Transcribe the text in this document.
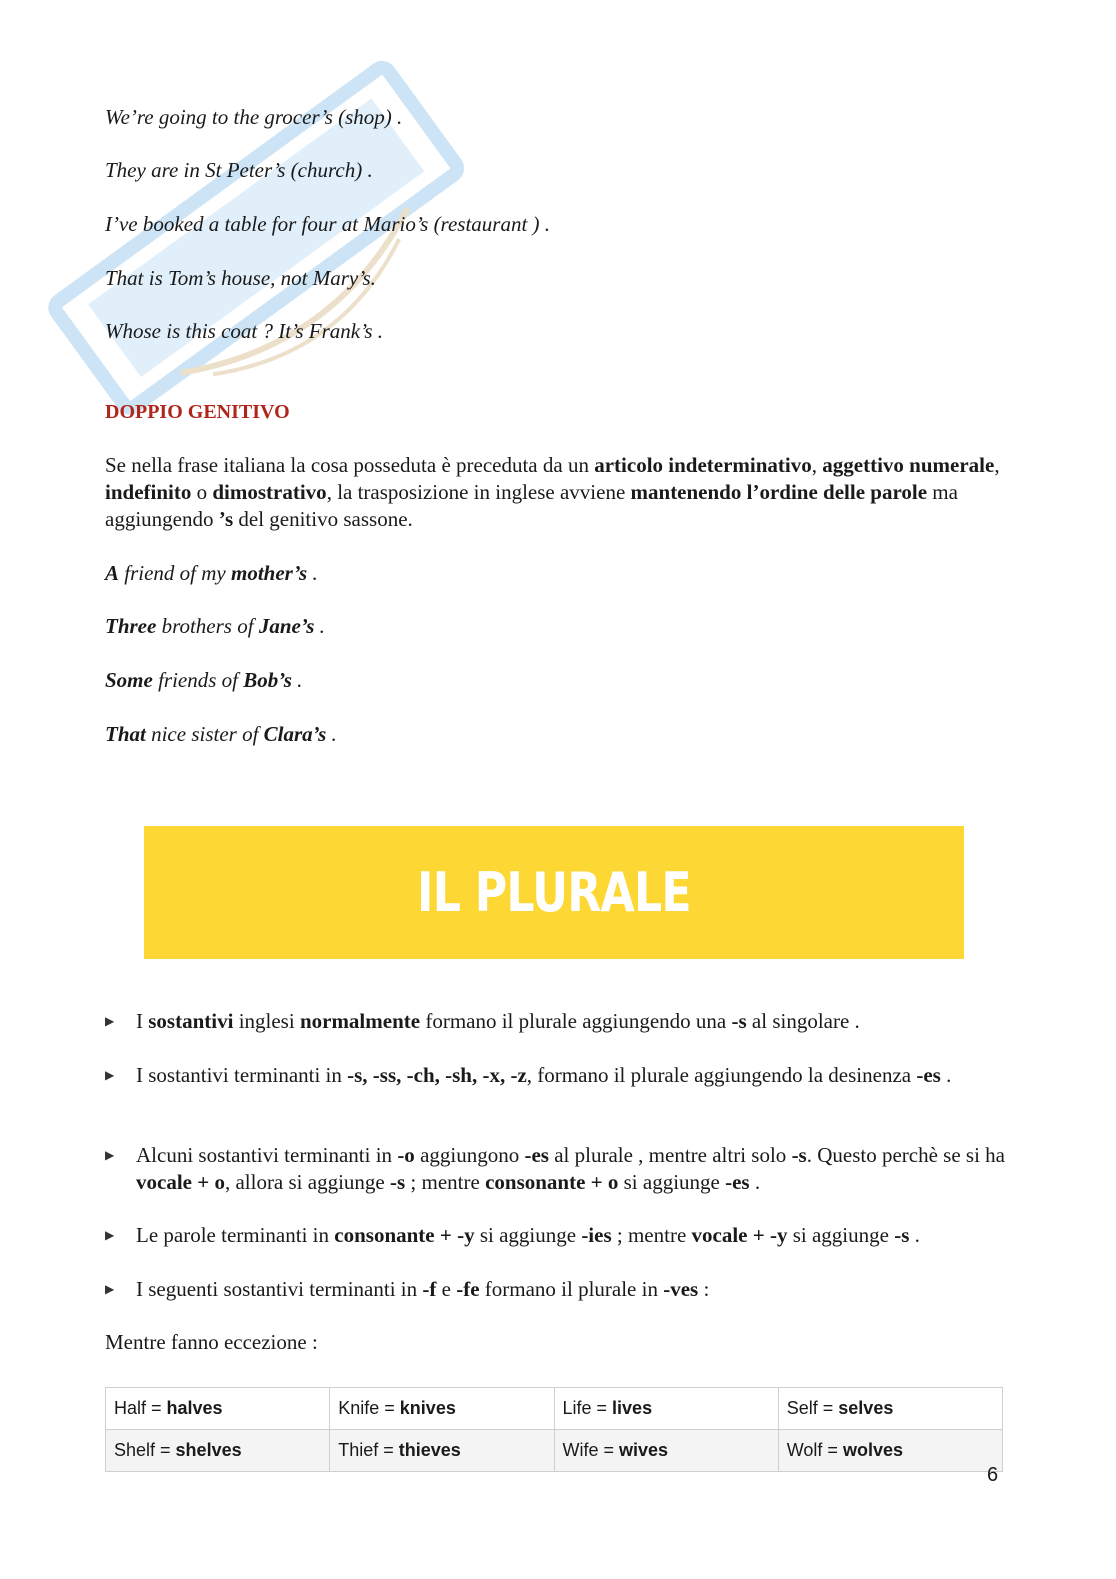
We’re going to the grocer’s (shop) .
They are in St Peter’s (church) .
I’ve booked a table for four at Mario’s (restaurant ) .
That is Tom’s house, not Mary’s.
Whose is this coat ? It’s Frank’s .
DOPPIO GENITIVO
Se nella frase italiana la cosa posseduta è preceduta da un articolo indeterminativo, aggettivo numerale, indefinito o dimostrativo, la trasposizione in inglese avviene mantenendo l’ordine delle parole ma aggiungendo ’s del genitivo sassone.
A friend of my mother’s .
Three brothers of Jane’s .
Some friends of Bob’s .
That nice sister of Clara’s .
IL PLURALE
▶ I sostantivi inglesi normalmente formano il plurale aggiungendo una -s al singolare .
▶ I sostantivi terminanti in -s, -ss, -ch, -sh, -x, -z, formano il plurale aggiungendo la desinenza -es .
▶ Alcuni sostantivi terminanti in -o aggiungono -es al plurale , mentre altri solo -s. Questo perchè se si ha vocale + o, allora si aggiunge -s ; mentre consonante + o si aggiunge -es .
▶ Le parole terminanti in consonante + -y si aggiunge -ies ; mentre vocale + -y si aggiunge -s .
▶ I seguenti sostantivi terminanti in -f e -fe formano il plurale in -ves :
Mentre fanno eccezione :
Half = halves	Knife = knives	Life = lives	Self = selves
Shelf = shelves	Thief = thieves	Wife = wives	Wolf = wolves
6
